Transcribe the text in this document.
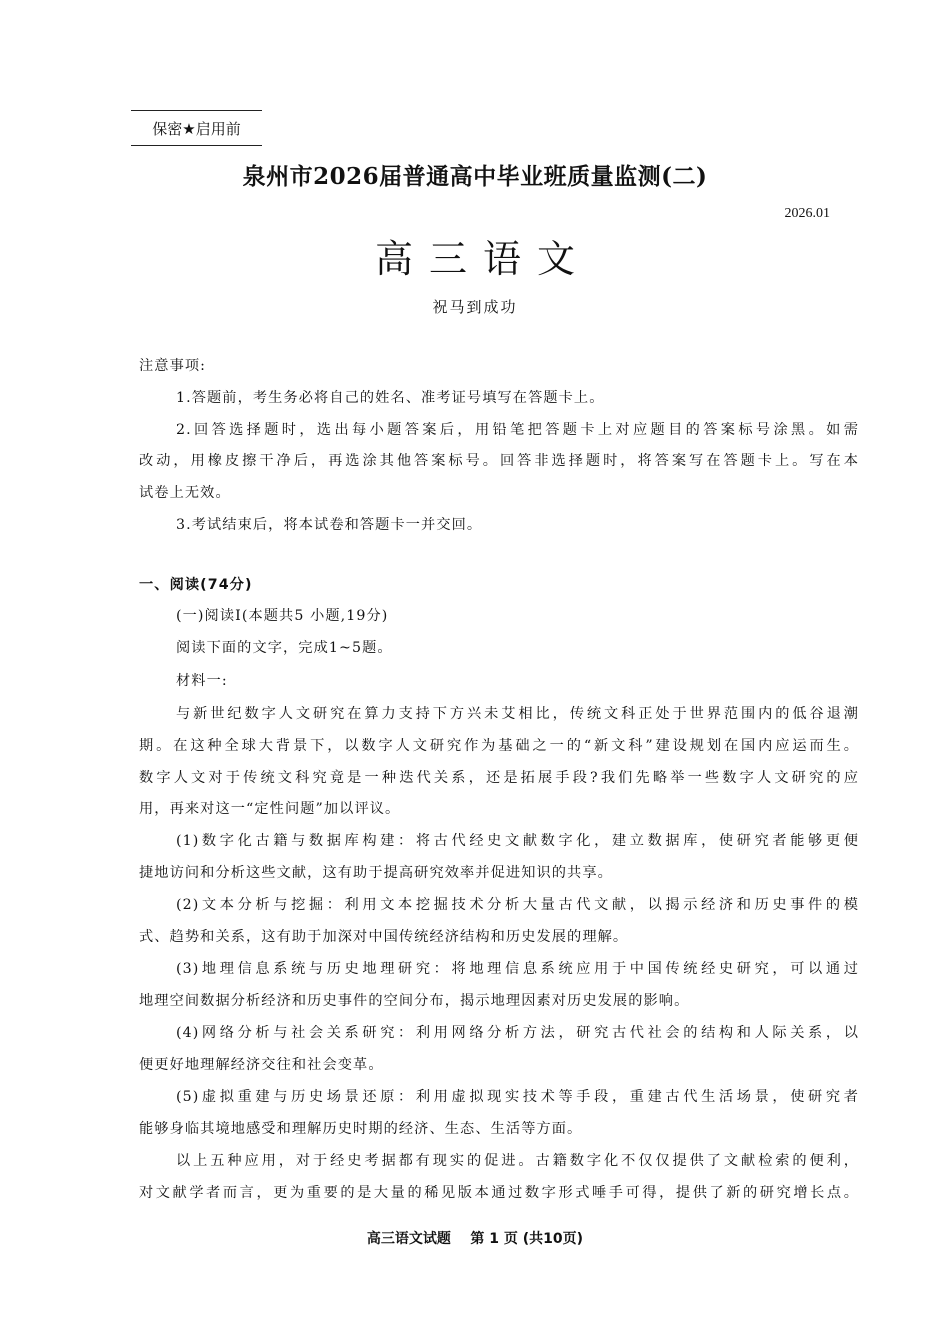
保密★启用前
泉州市2026届普通高中毕业班质量监测(二)
2026.01
高三语文
祝马到成功
注意事项:
1.答题前，考生务必将自己的姓名、准考证号填写在答题卡上。
2.回答选择题时，选出每小题答案后，用铅笔把答题卡上对应题目的答案标号涂黑。如需
改动，用橡皮擦干净后，再选涂其他答案标号。回答非选择题时，将答案写在答题卡上。写在本
试卷上无效。
3.考试结束后，将本试卷和答题卡一并交回。
一、阅读(74分)
(一)阅读Ⅰ(本题共5 小题,19分)
阅读下面的文字，完成1~5题。
材料一:
与新世纪数字人文研究在算力支持下方兴未艾相比，传统文科正处于世界范围内的低谷退潮
期。在这种全球大背景下，以数字人文研究作为基础之一的“新文科”建设规划在国内应运而生。
数字人文对于传统文科究竟是一种迭代关系，还是拓展手段?我们先略举一些数字人文研究的应
用，再来对这一“定性问题”加以评议。
(1)数字化古籍与数据库构建：将古代经史文献数字化，建立数据库，使研究者能够更便
捷地访问和分析这些文献，这有助于提高研究效率并促进知识的共享。
(2)文本分析与挖掘：利用文本挖掘技术分析大量古代文献，以揭示经济和历史事件的模
式、趋势和关系，这有助于加深对中国传统经济结构和历史发展的理解。
(3)地理信息系统与历史地理研究：将地理信息系统应用于中国传统经史研究，可以通过
地理空间数据分析经济和历史事件的空间分布，揭示地理因素对历史发展的影响。
(4)网络分析与社会关系研究：利用网络分析方法，研究古代社会的结构和人际关系，以
便更好地理解经济交往和社会变革。
(5)虚拟重建与历史场景还原：利用虚拟现实技术等手段，重建古代生活场景，使研究者
能够身临其境地感受和理解历史时期的经济、生态、生活等方面。
以上五种应用，对于经史考据都有现实的促进。古籍数字化不仅仅提供了文献检索的便利，
对文献学者而言，更为重要的是大量的稀见版本通过数字形式唾手可得，提供了新的研究增长点。
高三语文试题    第 1 页 (共10页)
